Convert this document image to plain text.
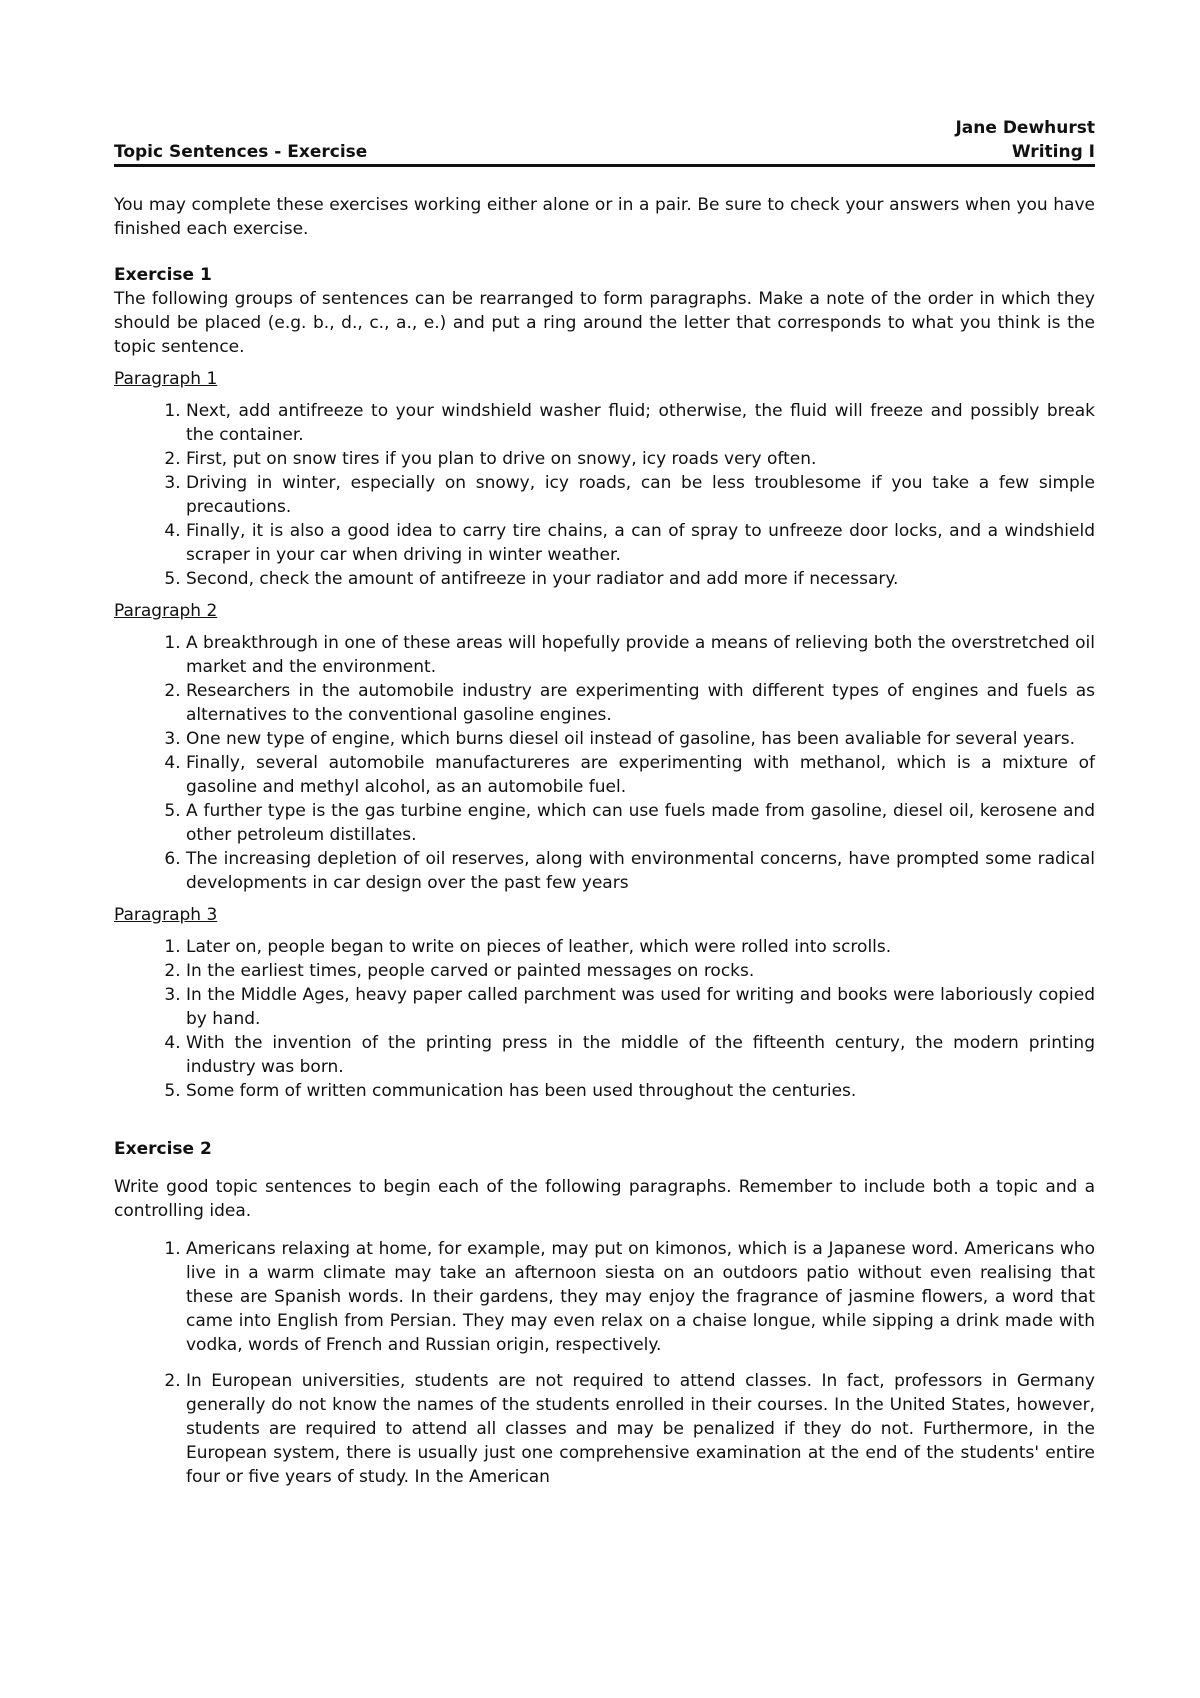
Jane Dewhurst
Topic Sentences - Exercise	Writing I

You may complete these exercises working either alone or in a pair. Be sure to check your answers when you have finished each exercise.

Exercise 1

The following groups of sentences can be rearranged to form paragraphs. Make a note of the order in which they should be placed (e.g. b., d., c., a., e.) and put a ring around the letter that corresponds to what you think is the topic sentence.

Paragraph 1
1. Next, add antifreeze to your windshield washer fluid; otherwise, the fluid will freeze and possibly break the container.
2. First, put on snow tires if you plan to drive on snowy, icy roads very often.
3. Driving in winter, especially on snowy, icy roads, can be less troublesome if you take a few simple precautions.
4. Finally, it is also a good idea to carry tire chains, a can of spray to unfreeze door locks, and a windshield scraper in your car when driving in winter weather.
5. Second, check the amount of antifreeze in your radiator and add more if necessary.
Paragraph 2
1. A breakthrough in one of these areas will hopefully provide a means of relieving both the overstretched oil market and the environment.
2. Researchers in the automobile industry are experimenting with different types of engines and fuels as alternatives to the conventional gasoline engines.
3. One new type of engine, which burns diesel oil instead of gasoline, has been avaliable for several years.
4. Finally, several automobile manufactureres are experimenting with methanol, which is a mixture of gasoline and methyl alcohol, as an automobile fuel.
5. A further type is the gas turbine engine, which can use fuels made from gasoline, diesel oil, kerosene and other petroleum distillates.
6. The increasing depletion of oil reserves, along with environmental concerns, have prompted some radical developments in car design over the past few years
Paragraph 3
1. Later on, people began to write on pieces of leather, which were rolled into scrolls.
2. In the earliest times, people carved or painted messages on rocks.
3. In the Middle Ages, heavy paper called parchment was used for writing and books were laboriously copied by hand.
4. With the invention of the printing press in the middle of the fifteenth century, the modern printing industry was born.
5. Some form of written communication has been used throughout the centuries.
Exercise 2

Write good topic sentences to begin each of the following paragraphs. Remember to include both a topic and a controlling idea.

1. Americans relaxing at home, for example, may put on kimonos, which is a Japanese word. Americans who live in a warm climate may take an afternoon siesta on an outdoors patio without even realising that these are Spanish words. In their gardens, they may enjoy the fragrance of jasmine flowers, a word that came into English from Persian. They may even relax on a chaise longue, while sipping a drink made with vodka, words of French and Russian origin, respectively.
2. In European universities, students are not required to attend classes. In fact, professors in Germany generally do not know the names of the students enrolled in their courses. In the United States, however, students are required to attend all classes and may be penalized if they do not. Furthermore, in the European system, there is usually just one comprehensive examination at the end of the students' entire four or five years of study. In the American
